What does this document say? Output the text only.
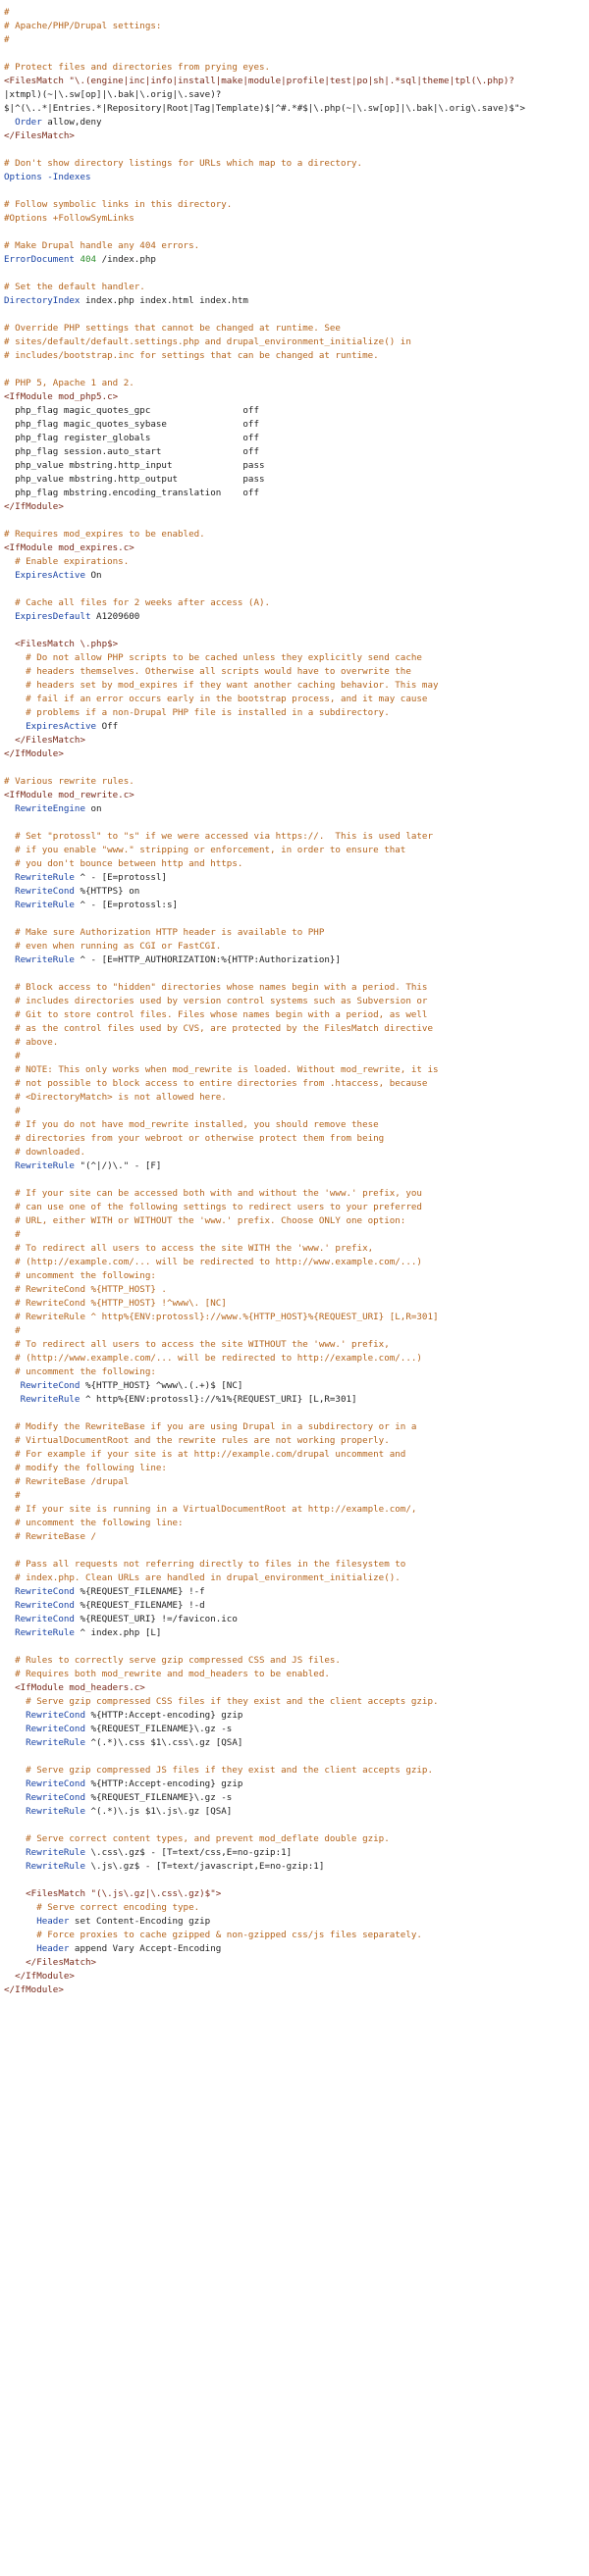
#
# Apache/PHP/Drupal settings:
#
# Protect files and directories from prying eyes.
<FilesMatch "\.(engine|inc|info|install|make|module|profile|test|po|sh|.*sql|theme|tpl(\.php)?
|xtmpl)(~|\.sw[op]|\.bak|\.orig|\.save)?
$|^(\..*|Entries.*|Repository|Root|Tag|Template)$|^#.*#$|\.php(~|\.sw[op]|\.bak|\.orig\.save)$">
Order allow,deny
</FilesMatch>
# Don't show directory listings for URLs which map to a directory.
Options -Indexes
# Follow symbolic links in this directory.
#Options +FollowSymLinks
# Make Drupal handle any 404 errors.
ErrorDocument 404 /index.php
# Set the default handler.
DirectoryIndex index.php index.html index.htm
# Override PHP settings that cannot be changed at runtime. See
# sites/default/default.settings.php and drupal_environment_initialize() in
# includes/bootstrap.inc for settings that can be changed at runtime.
# PHP 5, Apache 1 and 2.
<IfModule mod_php5.c>
php_flag magic_quotes_gpc                 off
php_flag magic_quotes_sybase              off
php_flag register_globals                 off
php_flag session.auto_start               off
php_value mbstring.http_input             pass
php_value mbstring.http_output            pass
php_flag mbstring.encoding_translation    off
</IfModule>
# Requires mod_expires to be enabled.
<IfModule mod_expires.c>
# Enable expirations.
ExpiresActive On
# Cache all files for 2 weeks after access (A).
ExpiresDefault A1209600
<FilesMatch \.php$>
# Do not allow PHP scripts to be cached unless they explicitly send cache
# headers themselves. Otherwise all scripts would have to overwrite the
# headers set by mod_expires if they want another caching behavior. This may
# fail if an error occurs early in the bootstrap process, and it may cause
# problems if a non-Drupal PHP file is installed in a subdirectory.
ExpiresActive Off
</FilesMatch>
</IfModule>
# Various rewrite rules.
<IfModule mod_rewrite.c>
RewriteEngine on
# Set "protossl" to "s" if we were accessed via https://.  This is used later
# if you enable "www." stripping or enforcement, in order to ensure that
# you don't bounce between http and https.
RewriteRule ^ - [E=protossl]
RewriteCond %{HTTPS} on
RewriteRule ^ - [E=protossl:s]
# Make sure Authorization HTTP header is available to PHP
# even when running as CGI or FastCGI.
RewriteRule ^ - [E=HTTP_AUTHORIZATION:%{HTTP:Authorization}]
# Block access to "hidden" directories whose names begin with a period. This
# includes directories used by version control systems such as Subversion or
# Git to store control files. Files whose names begin with a period, as well
# as the control files used by CVS, are protected by the FilesMatch directive
# above.
#
# NOTE: This only works when mod_rewrite is loaded. Without mod_rewrite, it is
# not possible to block access to entire directories from .htaccess, because
# <DirectoryMatch> is not allowed here.
#
# If you do not have mod_rewrite installed, you should remove these
# directories from your webroot or otherwise protect them from being
# downloaded.
RewriteRule "(^|/)\." - [F]
# If your site can be accessed both with and without the 'www.' prefix, you
# can use one of the following settings to redirect users to your preferred
# URL, either WITH or WITHOUT the 'www.' prefix. Choose ONLY one option:
#
# To redirect all users to access the site WITH the 'www.' prefix,
# (http://example.com/... will be redirected to http://www.example.com/...)
# uncomment the following:
# RewriteCond %{HTTP_HOST} .
# RewriteCond %{HTTP_HOST} !^www\. [NC]
# RewriteRule ^ http%{ENV:protossl}://www.%{HTTP_HOST}%{REQUEST_URI} [L,R=301]
#
# To redirect all users to access the site WITHOUT the 'www.' prefix,
# (http://www.example.com/... will be redirected to http://example.com/...)
# uncomment the following:
RewriteCond %{HTTP_HOST} ^www\.(.+)$ [NC]
RewriteRule ^ http%{ENV:protossl}://%1%{REQUEST_URI} [L,R=301]
# Modify the RewriteBase if you are using Drupal in a subdirectory or in a
# VirtualDocumentRoot and the rewrite rules are not working properly.
# For example if your site is at http://example.com/drupal uncomment and
# modify the following line:
# RewriteBase /drupal
#
# If your site is running in a VirtualDocumentRoot at http://example.com/,
# uncomment the following line:
# RewriteBase /
# Pass all requests not referring directly to files in the filesystem to
# index.php. Clean URLs are handled in drupal_environment_initialize().
RewriteCond %{REQUEST_FILENAME} !-f
RewriteCond %{REQUEST_FILENAME} !-d
RewriteCond %{REQUEST_URI} !=/favicon.ico
RewriteRule ^ index.php [L]
# Rules to correctly serve gzip compressed CSS and JS files.
# Requires both mod_rewrite and mod_headers to be enabled.
<IfModule mod_headers.c>
# Serve gzip compressed CSS files if they exist and the client accepts gzip.
RewriteCond %{HTTP:Accept-encoding} gzip
RewriteCond %{REQUEST_FILENAME}\.gz -s
RewriteRule ^(.*)\.css $1\.css\.gz [QSA]
# Serve gzip compressed JS files if they exist and the client accepts gzip.
RewriteCond %{HTTP:Accept-encoding} gzip
RewriteCond %{REQUEST_FILENAME}\.gz -s
RewriteRule ^(.*)\.js $1\.js\.gz [QSA]
# Serve correct content types, and prevent mod_deflate double gzip.
RewriteRule \.css\.gz$ - [T=text/css,E=no-gzip:1]
RewriteRule \.js\.gz$ - [T=text/javascript,E=no-gzip:1]
<FilesMatch "(\.js\.gz|\.css\.gz)$">
# Serve correct encoding type.
Header set Content-Encoding gzip
# Force proxies to cache gzipped & non-gzipped css/js files separately.
Header append Vary Accept-Encoding
</FilesMatch>
</IfModule>
</IfModule>
